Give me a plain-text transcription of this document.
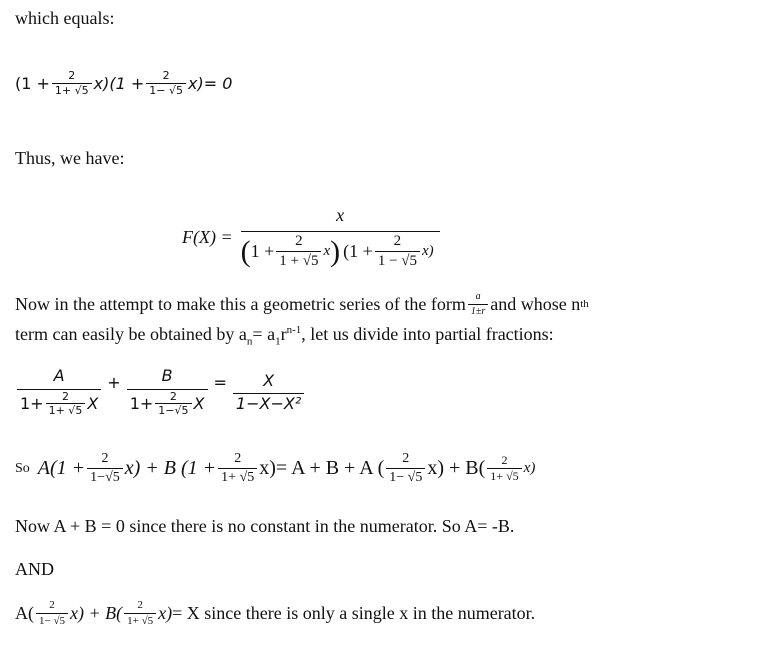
which equals:
$(1 + \frac{2}{1+ √5} x)(1 + \frac{2}{1- √5} x)= 0$
Thus, we have:
F(X) =
x
( $1 + \frac{2}{1 + √5}$ x ) $(1 + \frac{2}{1 - √5} x)$
Now in the attempt to make this a geometric series of the form $\frac{a}{1\pm r}$ and whose n th
term can easily be obtained by $a_n= a_1r^{n-1}$, let us divide into partial fractions:
$\frac{A}{1+ \frac{2}{1+ √5} X} + \frac{B}{1+ \frac{2}{1-√5} X} = \frac{X}{\text{1−X−X²}}$
So $A(1 + \frac{2}{1-√5} x) + B$ $(1 + \frac{2}{1+ √5} x)= A + B + A$ ( $\frac{2}{1- √5} x) + B( \frac{2}{1+ √5} x)$
Now A + B = 0 since there is no constant in the numerator. So A= -B.
AND
$A( \frac{2}{1- √5} x) + B( \frac{2}{1+ √5} x) = X$ since there is only a single x in the numerator.
